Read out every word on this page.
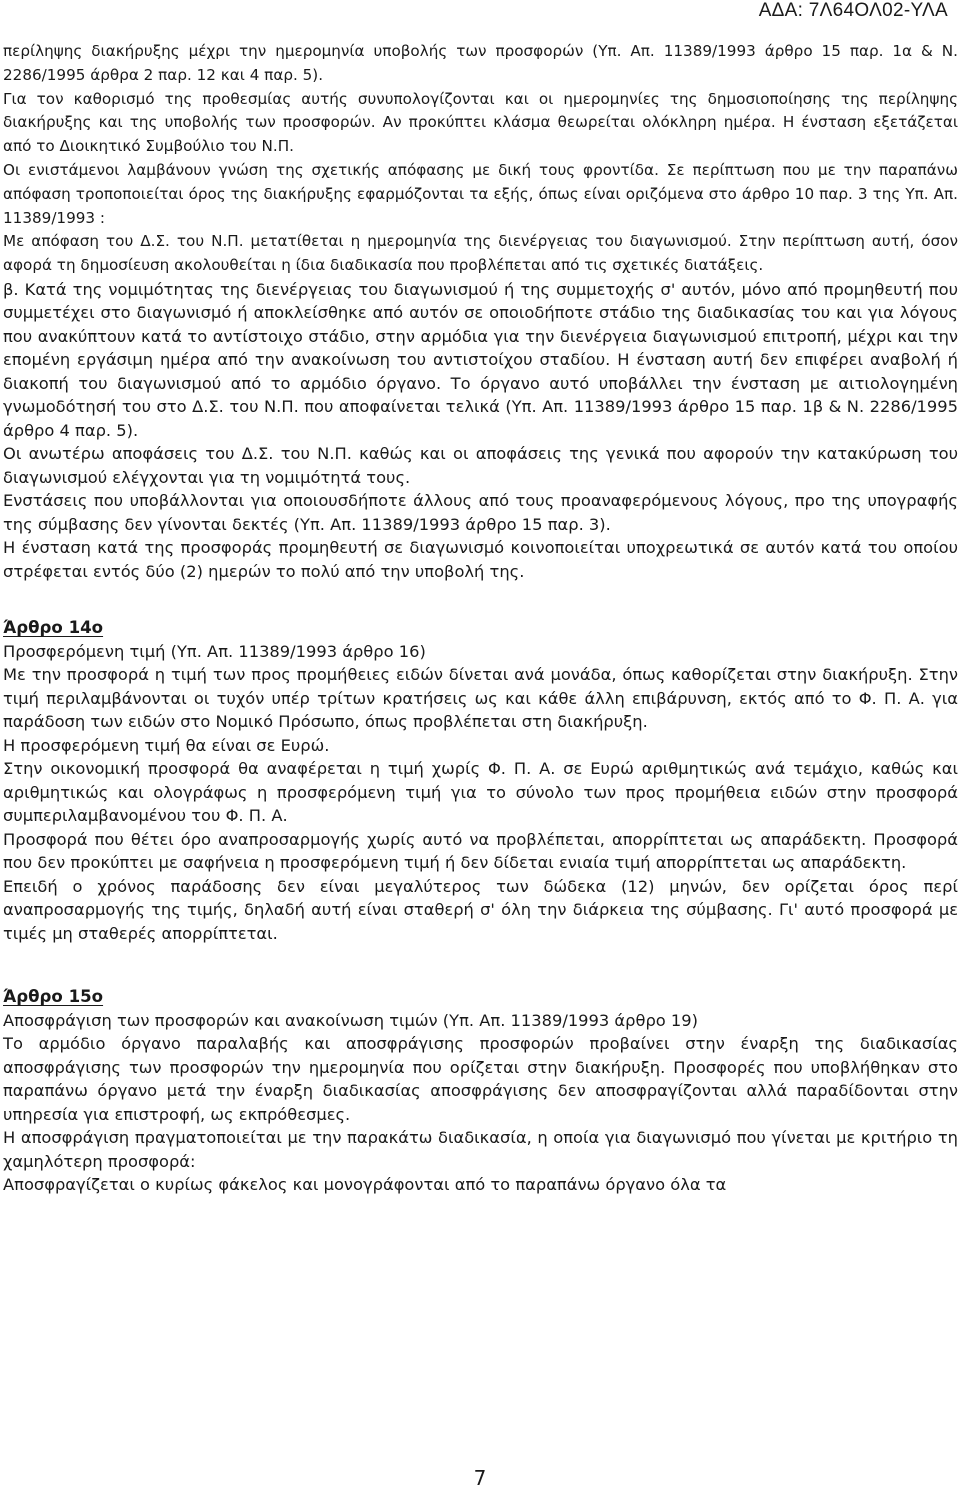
ΑΔΑ: 7Λ64ΟΛ02-ΥΛΑ

περίληψης διακήρυξης μέχρι την ημερομηνία υποβολής των προσφορών (Υπ. Απ. 11389/1993 άρθρο 15 παρ. 1α & Ν. 2286/1995 άρθρα 2 παρ. 12 και 4 παρ. 5).

Για τον καθορισμό της προθεσμίας αυτής συνυπολογίζονται και οι ημερομηνίες της δημοσιοποίησης της περίληψης διακήρυξης και της υποβολής των προσφορών. Αν προκύπτει κλάσμα θεωρείται ολόκληρη ημέρα. Η ένσταση εξετάζεται από το Διοικητικό Συμβούλιο του Ν.Π.

Οι ενιστάμενοι λαμβάνουν γνώση της σχετικής απόφασης με δική τους φροντίδα. Σε περίπτωση που με την παραπάνω απόφαση τροποποιείται όρος της διακήρυξης εφαρμόζονται τα εξής, όπως είναι οριζόμενα στο άρθρο 10 παρ. 3 της Υπ. Απ. 11389/1993 :

Με απόφαση του Δ.Σ. του Ν.Π. μετατίθεται η ημερομηνία της διενέργειας του διαγωνισμού. Στην περίπτωση αυτή, όσον αφορά τη δημοσίευση ακολουθείται η ίδια διαδικασία που προβλέπεται από τις σχετικές διατάξεις.

β. Κατά της νομιμότητας της διενέργειας του διαγωνισμού ή της συμμετοχής σ' αυτόν, μόνο από προμηθευτή που συμμετέχει στο διαγωνισμό ή αποκλείσθηκε από αυτόν σε οποιοδήποτε στάδιο της διαδικασίας του και για λόγους που ανακύπτουν κατά το αντίστοιχο στάδιο, στην αρμόδια για την διενέργεια διαγωνισμού επιτροπή, μέχρι και την επομένη εργάσιμη ημέρα από την ανακοίνωση του αντιστοίχου σταδίου. Η ένσταση αυτή δεν επιφέρει αναβολή ή διακοπή του διαγωνισμού από το αρμόδιο όργανο. Το όργανο αυτό υποβάλλει την ένσταση με αιτιολογημένη γνωμοδότησή του στο Δ.Σ. του Ν.Π. που αποφαίνεται τελικά (Υπ. Απ. 11389/1993 άρθρο 15 παρ. 1β & Ν. 2286/1995 άρθρο 4 παρ. 5).

Οι ανωτέρω αποφάσεις του Δ.Σ. του Ν.Π. καθώς και οι αποφάσεις της γενικά που αφορούν την κατακύρωση του διαγωνισμού ελέγχονται για τη νομιμότητά τους.

Ενστάσεις που υποβάλλονται για οποιουσδήποτε άλλους από τους προαναφερόμενους λόγους, προ της υπογραφής της σύμβασης δεν γίνονται δεκτές (Υπ. Απ. 11389/1993 άρθρο 15 παρ. 3).

Η ένσταση κατά της προσφοράς προμηθευτή σε διαγωνισμό κοινοποιείται υποχρεωτικά σε αυτόν κατά του οποίου στρέφεται εντός δύο (2) ημερών το πολύ από την υποβολή της.

Άρθρο 14ο

Προσφερόμενη τιμή (Υπ. Απ. 11389/1993 άρθρο 16)

Με την προσφορά η τιμή των προς προμήθειες ειδών δίνεται ανά μονάδα, όπως καθορίζεται στην διακήρυξη. Στην τιμή περιλαμβάνονται οι τυχόν υπέρ τρίτων κρατήσεις ως και κάθε άλλη επιβάρυνση, εκτός από το Φ. Π. Α. για παράδοση των ειδών στο Νομικό Πρόσωπο, όπως προβλέπεται στη διακήρυξη.

Η προσφερόμενη τιμή θα είναι σε Ευρώ.

Στην οικονομική προσφορά θα αναφέρεται η τιμή χωρίς Φ. Π. Α. σε Ευρώ αριθμητικώς ανά τεμάχιο, καθώς και αριθμητικώς και ολογράφως η προσφερόμενη τιμή για το σύνολο των προς προμήθεια ειδών στην προσφορά συμπεριλαμβανομένου του Φ. Π. Α.

Προσφορά που θέτει όρο αναπροσαρμογής χωρίς αυτό να προβλέπεται, απορρίπτεται ως απαράδεκτη. Προσφορά που δεν προκύπτει με σαφήνεια η προσφερόμενη τιμή ή δεν δίδεται ενιαία τιμή απορρίπτεται ως απαράδεκτη.

Επειδή ο χρόνος παράδοσης δεν είναι μεγαλύτερος των δώδεκα (12) μηνών, δεν ορίζεται όρος περί αναπροσαρμογής της τιμής, δηλαδή αυτή είναι σταθερή σ' όλη την διάρκεια της σύμβασης. Γι' αυτό προσφορά με τιμές μη σταθερές απορρίπτεται.

Άρθρο 15ο

Αποσφράγιση των προσφορών και ανακοίνωση τιμών (Υπ. Απ. 11389/1993 άρθρο 19)

Το αρμόδιο όργανο παραλαβής και αποσφράγισης προσφορών προβαίνει στην έναρξη της διαδικασίας αποσφράγισης των προσφορών την ημερομηνία που ορίζεται στην διακήρυξη. Προσφορές που υποβλήθηκαν στο παραπάνω όργανο μετά την έναρξη διαδικασίας αποσφράγισης δεν αποσφραγίζονται αλλά παραδίδονται στην υπηρεσία για επιστροφή, ως εκπρόθεσμες.

Η αποσφράγιση πραγματοποιείται με την παρακάτω διαδικασία, η οποία για διαγωνισμό που γίνεται με κριτήριο τη χαμηλότερη προσφορά:

Αποσφραγίζεται ο κυρίως φάκελος και μονογράφονται από το παραπάνω όργανο όλα τα

7
